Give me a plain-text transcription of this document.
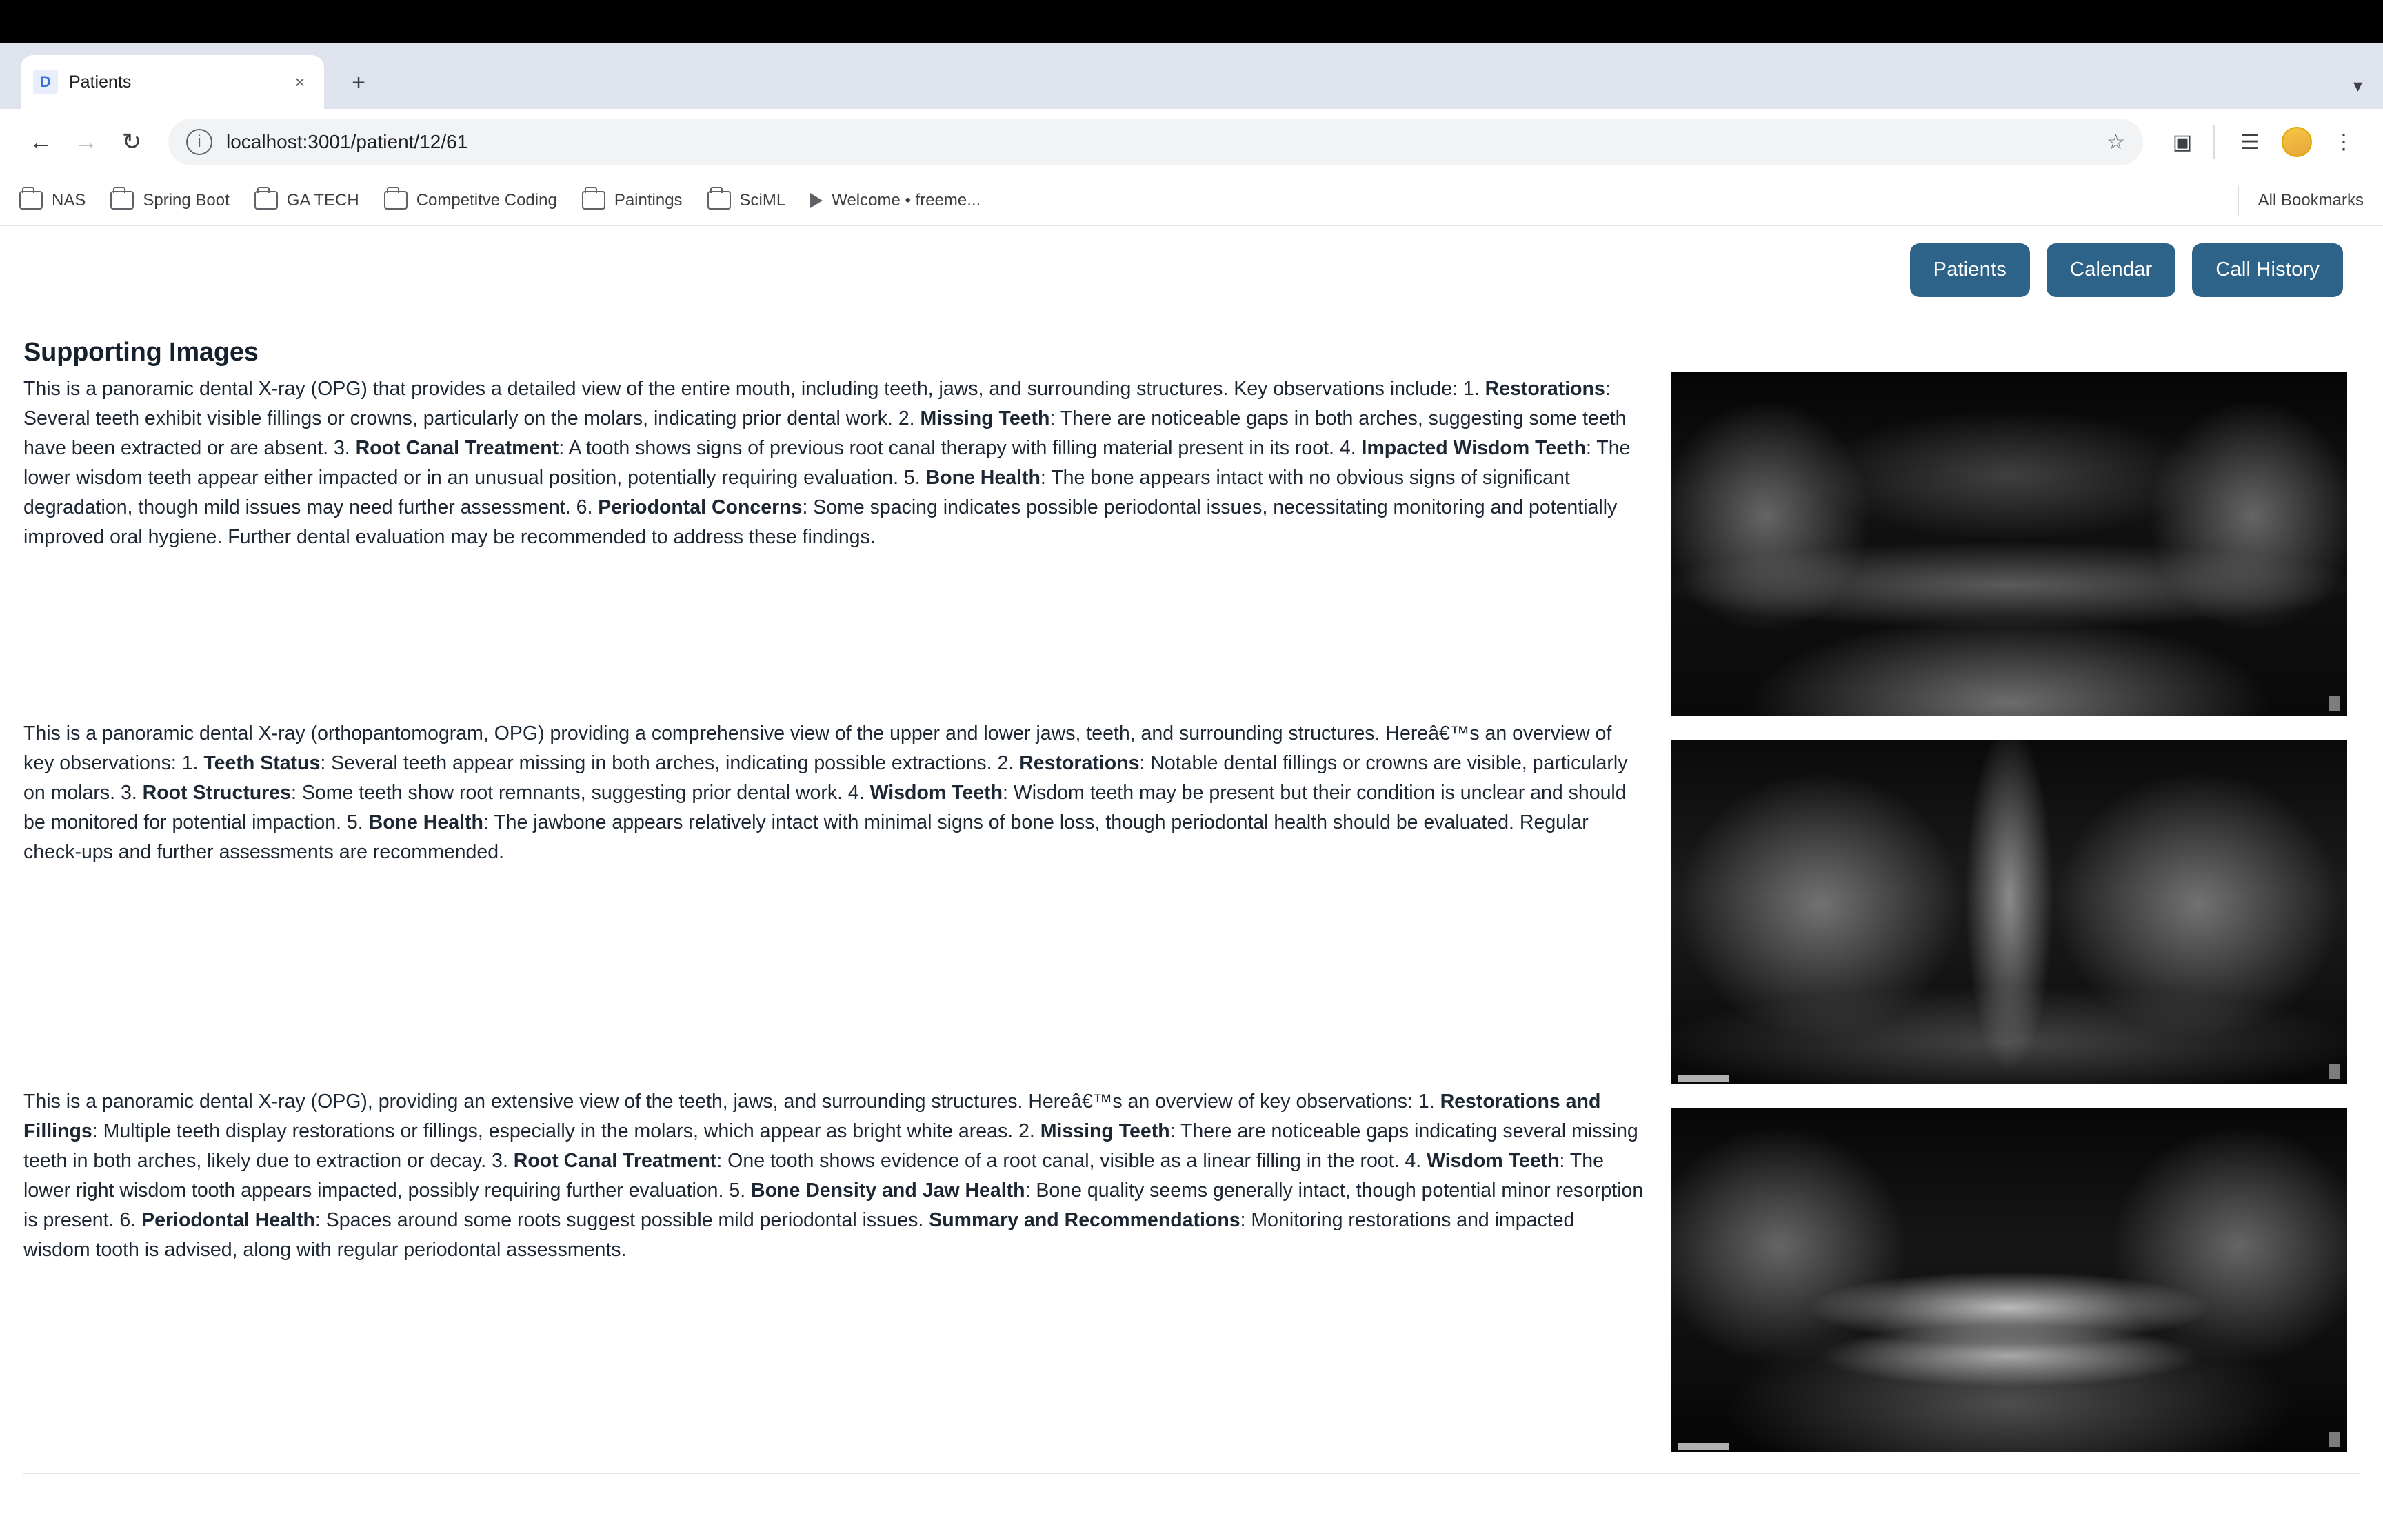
D	Patients	×	+	▾
← →	↻	i	localhost:3001/patient/12/61	☆	▣	☰	⋮
NAS	Spring Boot	GA TECH	Competitve Coding	Paintings	SciML	Welcome • freeme...	All Bookmarks
Patients	Calendar	Call History
Supporting Images
This is a panoramic dental X-ray (OPG) that provides a detailed view of the entire mouth, including teeth, jaws, and surrounding structures. Key observations include: 1. Restorations: Several teeth exhibit visible fillings or crowns, particularly on the molars, indicating prior dental work. 2. Missing Teeth: There are noticeable gaps in both arches, suggesting some teeth have been extracted or are absent. 3. Root Canal Treatment: A tooth shows signs of previous root canal therapy with filling material present in its root. 4. Impacted Wisdom Teeth: The lower wisdom teeth appear either impacted or in an unusual position, potentially requiring evaluation. 5. Bone Health: The bone appears intact with no obvious signs of significant degradation, though mild issues may need further assessment. 6. Periodontal Concerns: Some spacing indicates possible periodontal issues, necessitating monitoring and potentially improved oral hygiene. Further dental evaluation may be recommended to address these findings.
This is a panoramic dental X-ray (orthopantomogram, OPG) providing a comprehensive view of the upper and lower jaws, teeth, and surrounding structures. Hereâ€™s an overview of key observations: 1. Teeth Status: Several teeth appear missing in both arches, indicating possible extractions. 2. Restorations: Notable dental fillings or crowns are visible, particularly on molars. 3. Root Structures: Some teeth show root remnants, suggesting prior dental work. 4. Wisdom Teeth: Wisdom teeth may be present but their condition is unclear and should be monitored for potential impaction. 5. Bone Health: The jawbone appears relatively intact with minimal signs of bone loss, though periodontal health should be evaluated. Regular check-ups and further assessments are recommended.
This is a panoramic dental X-ray (OPG), providing an extensive view of the teeth, jaws, and surrounding structures. Hereâ€™s an overview of key observations: 1. Restorations and Fillings: Multiple teeth display restorations or fillings, especially in the molars, which appear as bright white areas. 2. Missing Teeth: There are noticeable gaps indicating several missing teeth in both arches, likely due to extraction or decay. 3. Root Canal Treatment: One tooth shows evidence of a root canal, visible as a linear filling in the root. 4. Wisdom Teeth: The lower right wisdom tooth appears impacted, possibly requiring further evaluation. 5. Bone Density and Jaw Health: Bone quality seems generally intact, though potential minor resorption is present. 6. Periodontal Health: Spaces around some roots suggest possible mild periodontal issues. Summary and Recommendations: Monitoring restorations and impacted wisdom tooth is advised, along with regular periodontal assessments.
